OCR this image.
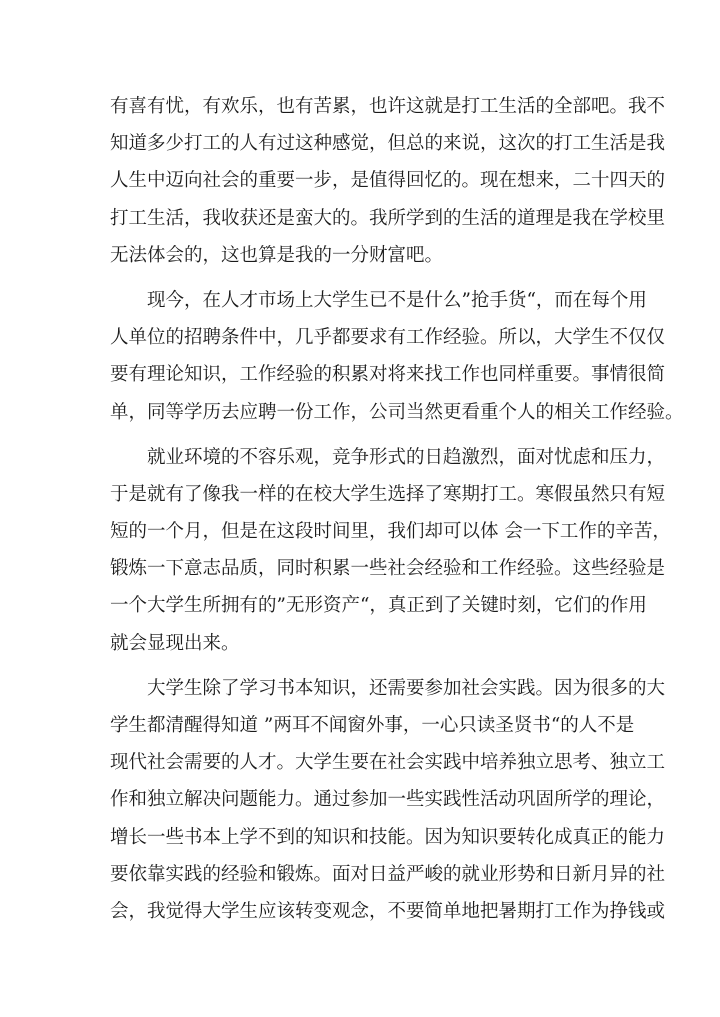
有喜有忧，有欢乐，也有苦累，也许这就是打工生活的全部吧。我不
知道多少打工的人有过这种感觉，但总的来说，这次的打工生活是我
人生中迈向社会的重要一步，是值得回忆的。现在想来，二十四天的
打工生活，我收获还是蛮大的。我所学到的生活的道理是我在学校里
无法体会的，这也算是我的一分财富吧。
现今，在人才市场上大学生已不是什么”抢手货“，而在每个用
人单位的招聘条件中，几乎都要求有工作经验。所以，大学生不仅仅
要有理论知识，工作经验的积累对将来找工作也同样重要。事情很简
单，同等学历去应聘一份工作，公司当然更看重个人的相关工作经验。
就业环境的不容乐观，竞争形式的日趋激烈，面对忧虑和压力，
于是就有了像我一样的在校大学生选择了寒期打工。寒假虽然只有短
短的一个月，但是在这段时间里，我们却可以体 会一下工作的辛苦，
锻炼一下意志品质，同时积累一些社会经验和工作经验。这些经验是
一个大学生所拥有的”无形资产“，真正到了关键时刻，它们的作用
就会显现出来。
大学生除了学习书本知识，还需要参加社会实践。因为很多的大
学生都清醒得知道 ”两耳不闻窗外事，一心只读圣贤书“的人不是
现代社会需要的人才。大学生要在社会实践中培养独立思考、独立工
作和独立解决问题能力。通过参加一些实践性活动巩固所学的理论，
增长一些书本上学不到的知识和技能。因为知识要转化成真正的能力
要依靠实践的经验和锻炼。面对日益严峻的就业形势和日新月异的社
会，我觉得大学生应该转变观念，不要简单地把暑期打工作为挣钱或
